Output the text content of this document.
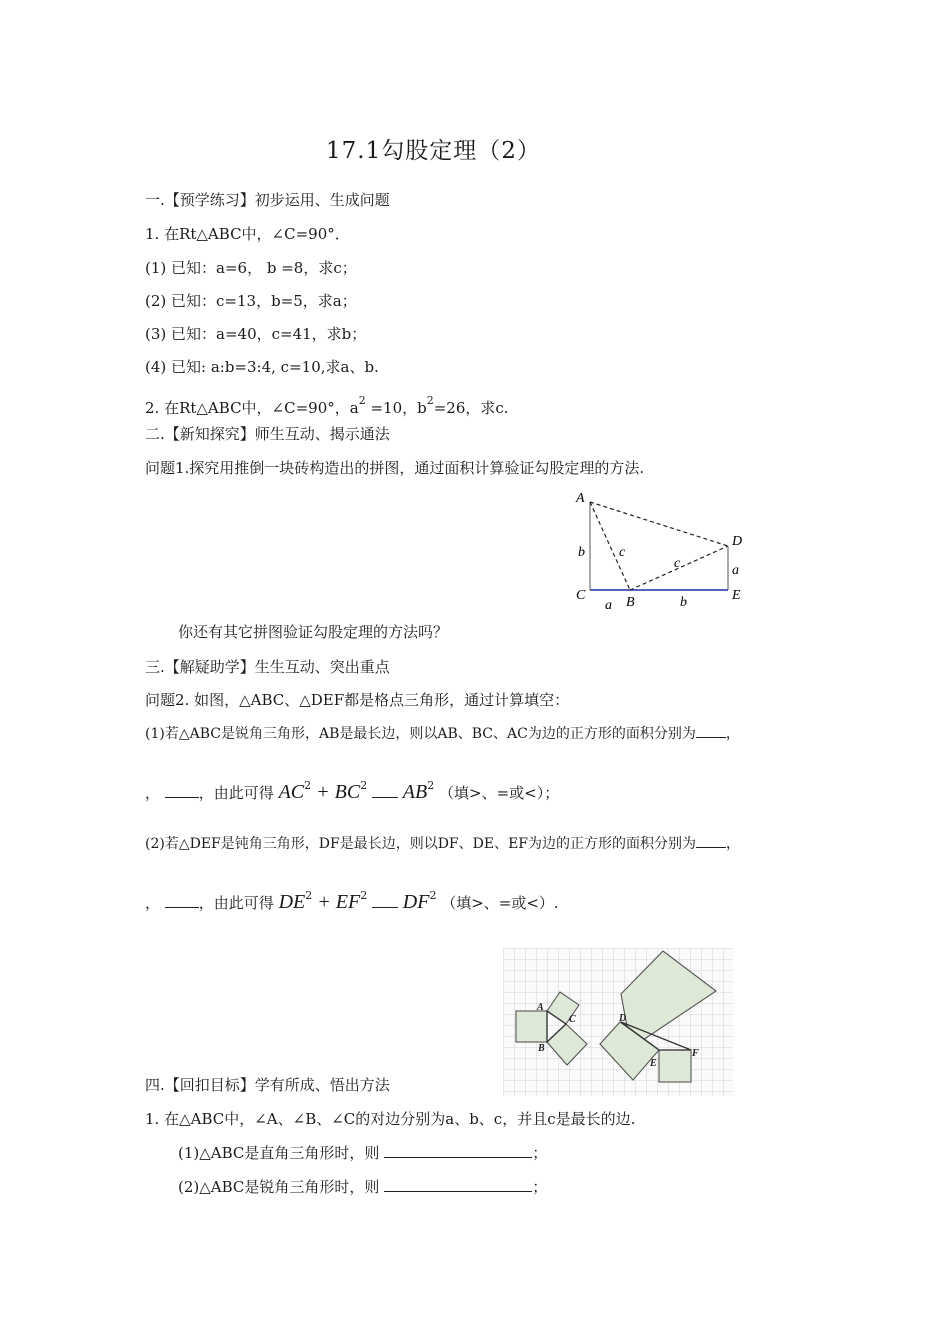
17.1勾股定理（2）
一.【预学练习】初步运用、生成问题
1. 在Rt△ABC中，∠C=90°．
(1) 已知：a=6， b =8，求c；
(2) 已知：c=13，b=5，求a；
(3) 已知：a=40，c=41，求b；
(4) 已知: a:b=3:4, c=10,求a、b.
2. 在Rt△ABC中，∠C=90°，$a^2 =10$，$b^2=26$，求c.
二.【新知探究】师生互动、揭示通法
问题1.探究用推倒一块砖构造出的拼图，通过面积计算验证勾股定理的方法.
A
C	B
D
E
b
a	b
a
c
c
你还有其它拼图验证勾股定理的方法吗？
三.【解疑助学】生生互动、突出重点
问题2. 如图，△ABC、△DEF都是格点三角形，通过计算填空：
(1)若△ABC是锐角三角形，AB是最长边，则以AB、BC、AC为边的正方形的面积分别为 ，
，	，由此可得 $AC^2 + BC^2$ $AB^2$ （填>、=或<）；
(2)若△DEF是钝角三角形，DF是最长边，则以DF、DE、EF为边的正方形的面积分别为 ，
，	，由此可得 $DE^2 + EF^2$ $DF^2$ （填>、=或<）.
A
B
C	D
E
F
四.【回扣目标】学有所成、悟出方法
1. 在△ABC中，∠A、∠B、∠C的对边分别为a、b、c，并且c是最长的边.
(1)△ABC是直角三角形时，则	；
(2)△ABC是锐角三角形时，则	；
